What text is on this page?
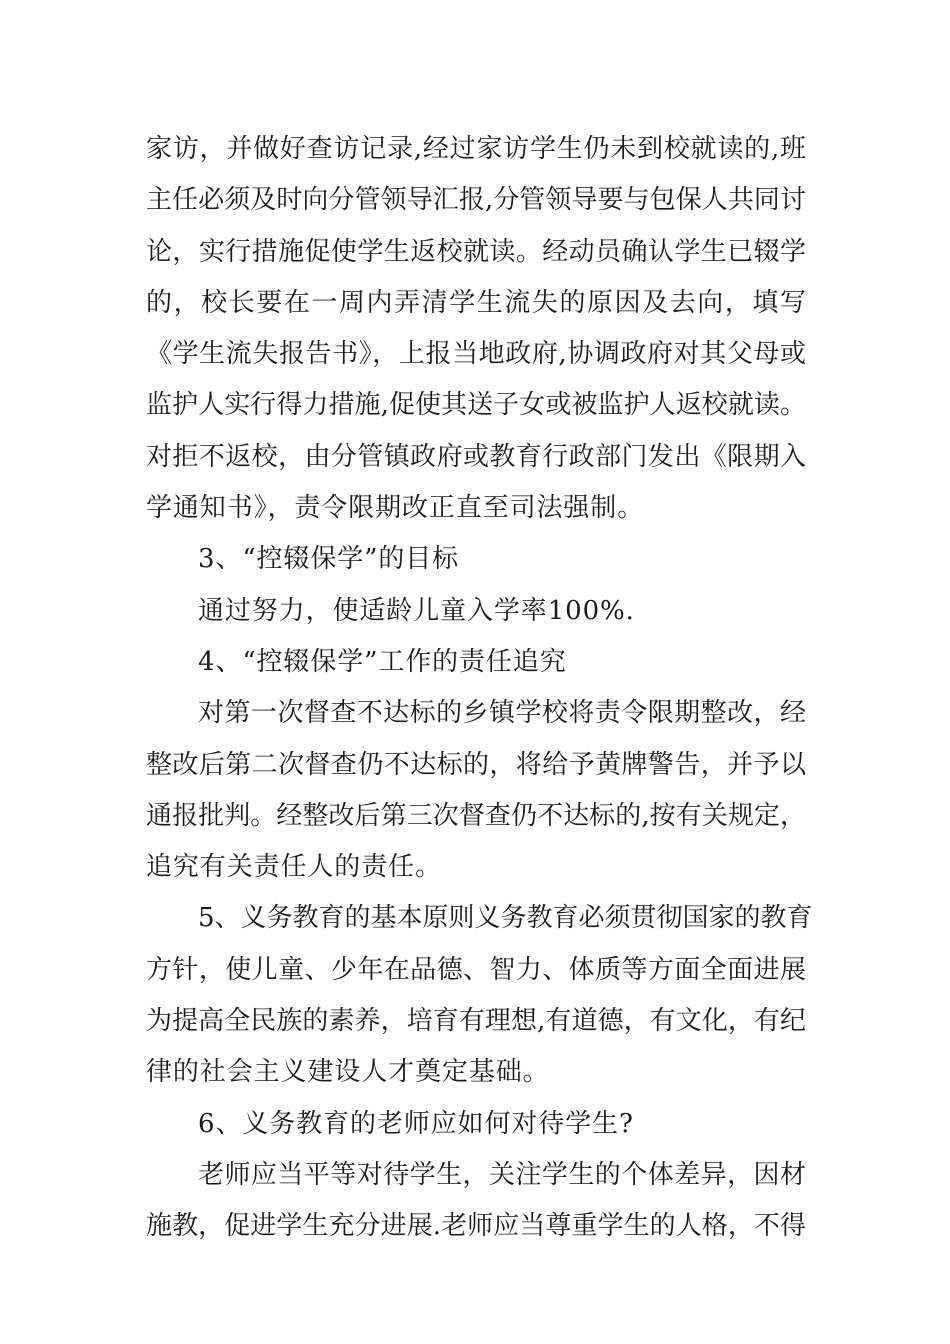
家访，并做好查访记录,经过家访学生仍未到校就读的,班
主任必须及时向分管领导汇报,分管领导要与包保人共同讨
论，实行措施促使学生返校就读。经动员确认学生已辍学
的，校长要在一周内弄清学生流失的原因及去向，填写
《学生流失报告书》，上报当地政府,协调政府对其父母或
监护人实行得力措施,促使其送子女或被监护人返校就读。
对拒不返校，由分管镇政府或教育行政部门发出《限期入
学通知书》，责令限期改正直至司法强制。
3、“控辍保学”的目标
通过努力，使适龄儿童入学率100%.
4、“控辍保学”工作的责任追究
对第一次督查不达标的乡镇学校将责令限期整改，经
整改后第二次督查仍不达标的，将给予黄牌警告，并予以
通报批判。经整改后第三次督查仍不达标的,按有关规定，
追究有关责任人的责任。
5、义务教育的基本原则义务教育必须贯彻国家的教育
方针，使儿童、少年在品德、智力、体质等方面全面进展
为提高全民族的素养，培育有理想,有道德，有文化，有纪
律的社会主义建设人才奠定基础。
6、义务教育的老师应如何对待学生?
老师应当平等对待学生，关注学生的个体差异，因材
施教，促进学生充分进展.老师应当尊重学生的人格，不得
